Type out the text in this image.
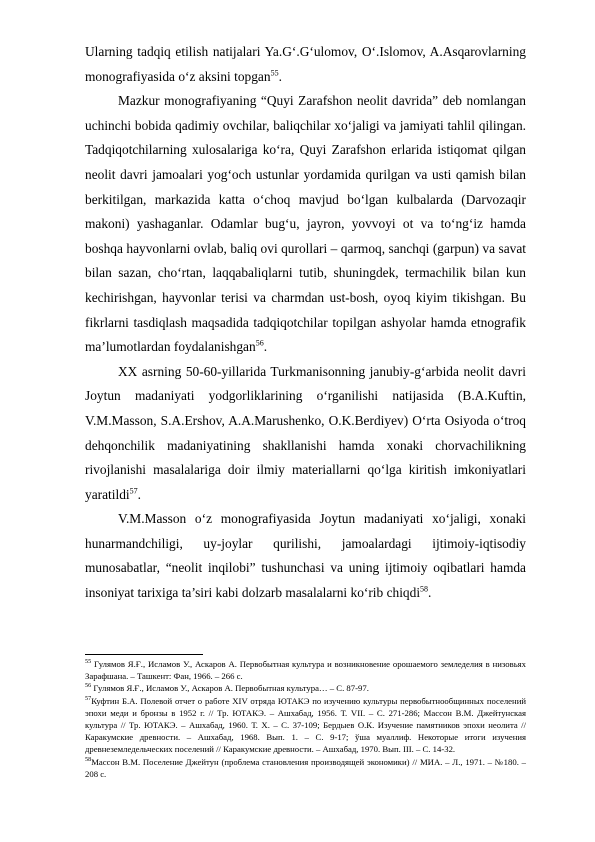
Ularning tadqiq etilish natijalari Ya.G‘.G‘ulomov, O‘.Islomov, A.Asqarovlarning monografiyasida o‘z aksini topgan$^{55}$.

Mazkur monografiyaning “Quyi Zarafshon neolit davrida” deb nomlangan uchinchi bobida qadimiy ovchilar, baliqchilar xo‘jaligi va jamiyati tahlil qilingan. Tadqiqotchilarning xulosalariga ko‘ra, Quyi Zarafshon erlarida istiqomat qilgan neolit davri jamoalari yog‘och ustunlar yordamida qurilgan va usti qamish bilan berkitilgan, markazida katta o‘choq mavjud bo‘lgan kulbalarda (Darvozaqir makoni) yashaganlar. Odamlar bug‘u, jayron, yovvoyi ot va to‘ng‘iz hamda boshqa hayvonlarni ovlab, baliq ovi qurollari – qarmoq, sanchqi (garpun) va savat bilan sazan, cho‘rtan, laqqabaliqlarni tutib, shuningdek, termachilik bilan kun kechirishgan, hayvonlar terisi va charmdan ust-bosh, oyoq kiyim tikishgan. Bu fikrlarni tasdiqlash maqsadida tadqiqotchilar topilgan ashyolar hamda etnografik ma’lumotlardan foydalanishgan$^{56}$.

XX asrning 50-60-yillarida Turkmanisonning janubiy-g‘arbida neolit davri Joytun madaniyati yodgorliklarining o‘rganilishi natijasida (B.A.Kuftin, V.M.Masson, S.A.Ershov, A.A.Marushenko, O.K.Berdiyev) O‘rta Osiyoda o‘troq dehqonchilik madaniyatining shakllanishi hamda xonaki chorvachilikning rivojlanishi masalalariga doir ilmiy materiallarni qo‘lga kiritish imkoniyatlari yaratildi$^{57}$.

V.M.Masson o‘z monografiyasida Joytun madaniyati xo‘jaligi, xonaki hunarmandchiligi, uy-joylar qurilishi, jamoalardagi ijtimoiy-iqtisodiy munosabatlar, “neolit inqilobi” tushunchasi va uning ijtimoiy oqibatlari hamda insoniyat tarixiga ta’siri kabi dolzarb masalalarni ko‘rib chiqdi$^{58}$.

$^{55}$ Гулямов Я.Ғ., Исламов У., Аскаров А. Первобытная культура и возникновение орошаемого земледелия в низовьях Зарафшана. – Ташкент: Фан, 1966. – 266 с.

$^{56}$ Гулямов Я.Ғ., Исламов У., Аскаров А. Первобытная культура… – С. 87-97.

$^{57}$Куфтин Б.А. Полевой отчет о работе XIV отряда ЮТАКЭ по изучению культуры первобытнообщинных поселений эпохи меди и бронзы в 1952 г. // Тр. ЮТАКЭ. – Ашхабад, 1956. Т. VII. – С. 271-286; Массон В.М. Джейтунская культура // Тр. ЮТАКЭ. – Ашхабад, 1960. Т. Х. – С. 37-109; Бердыев О.К. Изучение памятников эпохи неолита // Каракумские древности. – Ашхабад, 1968. Вып. 1. – С. 9-17; ўша муаллиф. Некоторые итоги изучения древнеземледельческих поселений // Каракумские древности. – Ашхабад, 1970. Вып. III. – С. 14-32.

$^{58}$Массон В.М. Поселение Джейтун (проблема становления производящей экономики) // МИА. – Л., 1971. – №180. – 208 с.
